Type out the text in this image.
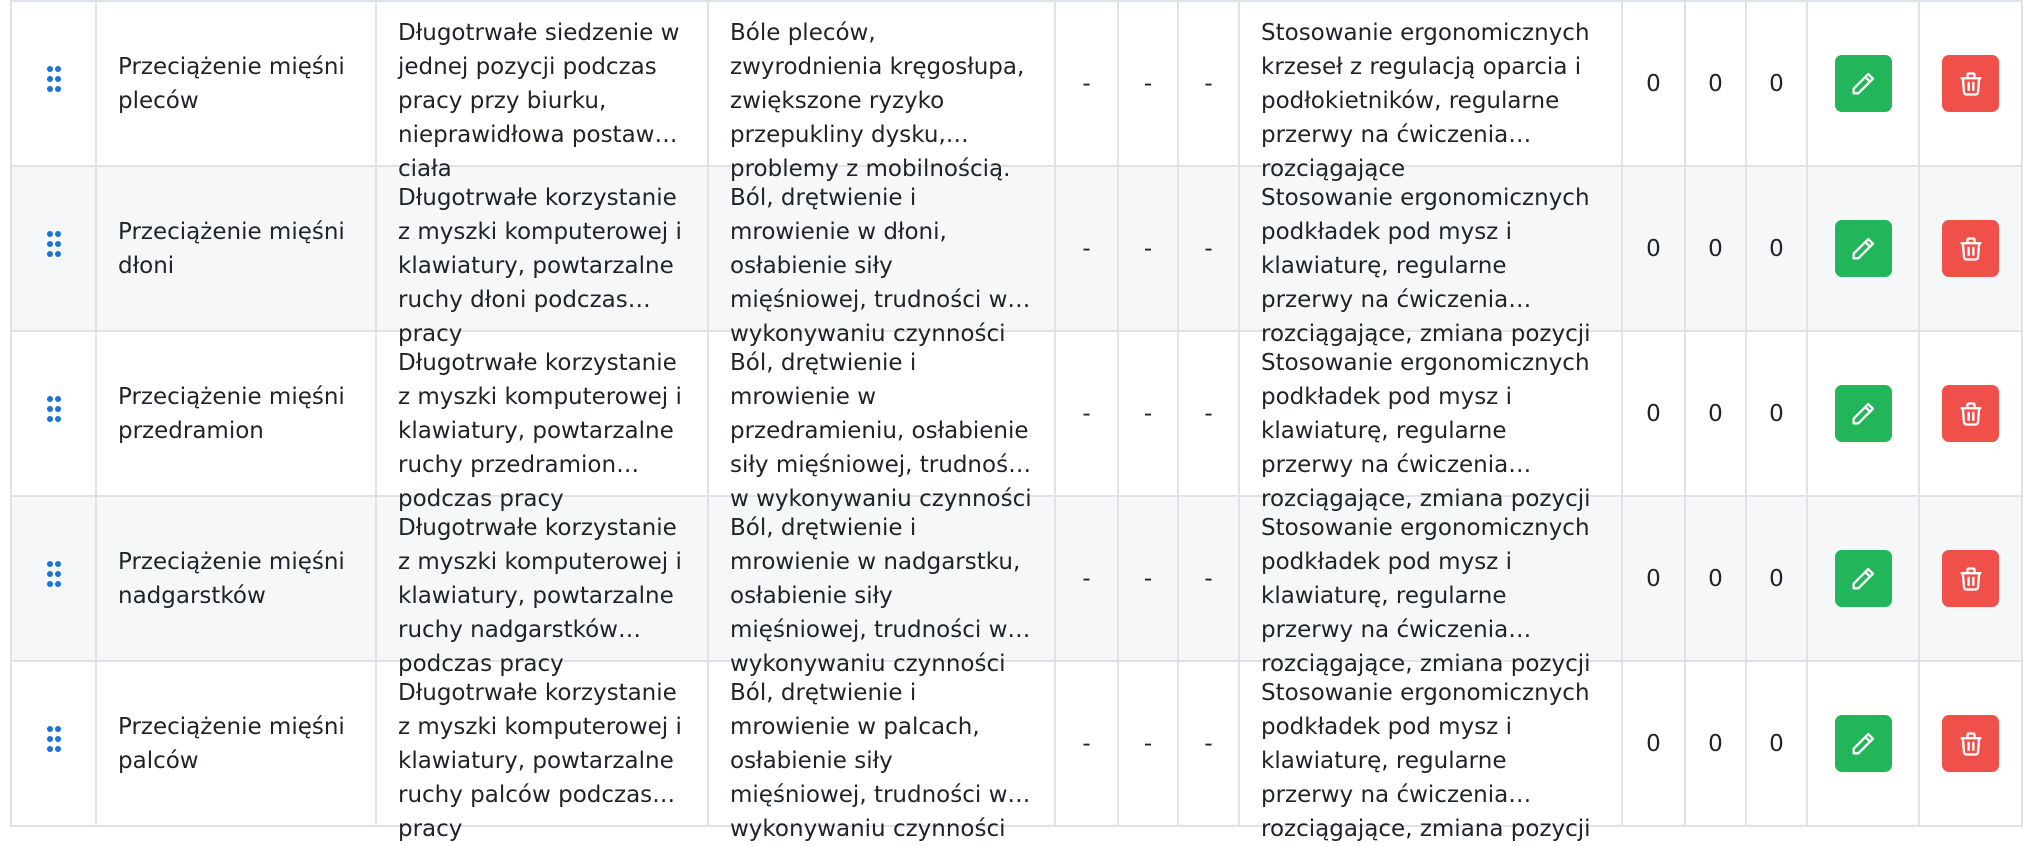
Przeciążenie mięśni pleców	Długotrwałe siedzenie w jednej pozycji podczas pracy przy biurku, nieprawidłowa postawa ciała	Bóle pleców, zwyrodnienia kręgosłupa, zwiększone ryzyko przepukliny dysku, problemy z mobilnością.	-	-	-	Stosowanie ergonomicznych krzeseł z regulacją oparcia i podłokietników, regularne przerwy na ćwiczenia rozciągające	0	0	0	

Przeciążenie mięśni dłoni	Długotrwałe korzystanie z myszki komputerowej i klawiatury, powtarzalne ruchy dłoni podczas pracy	Ból, drętwienie i mrowienie w dłoni, osłabienie siły mięśniowej, trudności w wykonywaniu czynności	-	-	-	Stosowanie ergonomicznych podkładek pod mysz i klawiaturę, regularne przerwy na ćwiczenia rozciągające, zmiana pozycji	0	0	0	

Przeciążenie mięśni przedramion	Długotrwałe korzystanie z myszki komputerowej i klawiatury, powtarzalne ruchy przedramion podczas pracy	Ból, drętwienie i mrowienie w przedramieniu, osłabienie siły mięśniowej, trudności w wykonywaniu czynności	-	-	-	Stosowanie ergonomicznych podkładek pod mysz i klawiaturę, regularne przerwy na ćwiczenia rozciągające, zmiana pozycji	0	0	0	

Przeciążenie mięśni nadgarstków	Długotrwałe korzystanie z myszki komputerowej i klawiatury, powtarzalne ruchy nadgarstków podczas pracy	Ból, drętwienie i mrowienie w nadgarstku, osłabienie siły mięśniowej, trudności w wykonywaniu czynności	-	-	-	Stosowanie ergonomicznych podkładek pod mysz i klawiaturę, regularne przerwy na ćwiczenia rozciągające, zmiana pozycji	0	0	0	

Przeciążenie mięśni palców	Długotrwałe korzystanie z myszki komputerowej i klawiatury, powtarzalne ruchy palców podczas pracy	Ból, drętwienie i mrowienie w palcach, osłabienie siły mięśniowej, trudności w wykonywaniu czynności	-	-	-	Stosowanie ergonomicznych podkładek pod mysz i klawiaturę, regularne przerwy na ćwiczenia rozciągające, zmiana pozycji	0	0	0	
